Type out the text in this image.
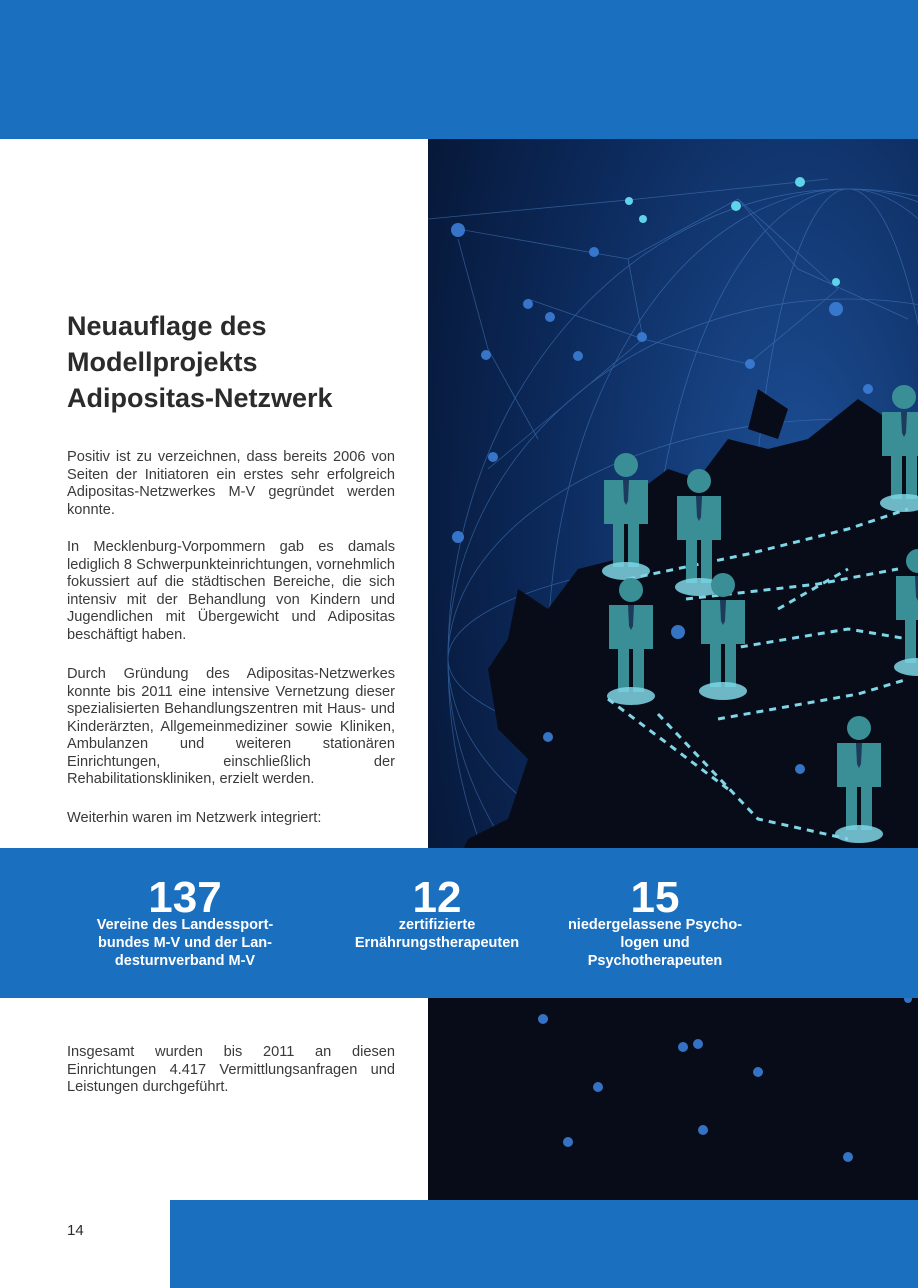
Neuauflage des
Modellprojekts
Adipositas-Netzwerk

Positiv ist zu verzeichnen, dass bereits 2006 von Seiten der Initiatoren ein erstes sehr erfolgreich Adipositas-Netzwerkes M-V gegründet werden konnte.

In Mecklenburg-Vorpommern gab es damals lediglich 8 Schwerpunkteinrichtungen, vornehmlich fokussiert auf die städtischen Bereiche, die sich intensiv mit der Behandlung von Kindern und Jugendlichen mit Übergewicht und Adipositas beschäftigt haben.

Durch Gründung des Adipositas-Netzwerkes konnte bis 2011 eine intensive Vernetzung dieser spezialisierten Behandlungszentren mit Haus- und Kinderärzten, Allgemeinmediziner sowie Kliniken, Ambulanzen und weiteren stationären Einrichtungen, einschließlich der Rehabilitationskliniken, erzielt werden.

Weiterhin waren im Netzwerk integriert:

137
Vereine des Landessport-
bundes M-V und der Lan-
desturnverband M-V
12
zertifizierte
Ernährungstherapeuten
15
niedergelassene Psycho-
logen und
Psychotherapeuten

Insgesamt wurden bis 2011 an diesen Einrichtungen 4.417 Vermittlungsanfragen und Leistungen durchgeführt.

14
